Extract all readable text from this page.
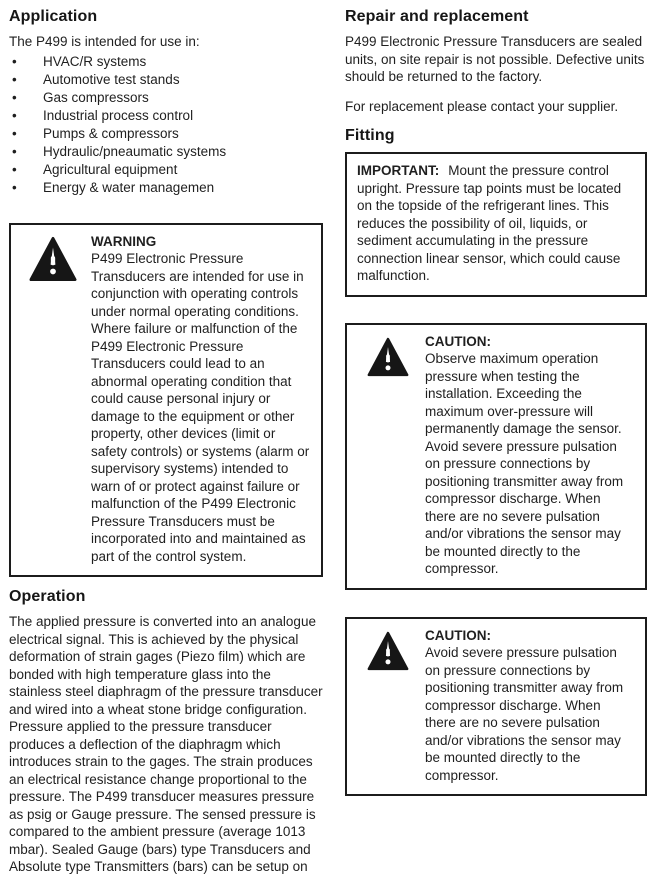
Application

The P499 is intended for use in:

• HVAC/R systems
• Automotive test stands
• Gas compressors
• Industrial process control
• Pumps & compressors
• Hydraulic/pneaumatic systems
• Agricultural equipment
• Energy & water managemen
WARNING
P499 Electronic Pressure Transducers are intended for use in conjunction with operating controls under normal operating conditions.  Where failure or malfunction of the P499 Electronic Pressure Transducers could lead to an abnormal operating condition that could cause personal injury or damage to the equipment or other property, other devices (limit or safety controls) or systems (alarm or supervisory systems) intended to warn of or protect against failure or malfunction of the P499 Electronic Pressure Transducers must be incorporated into and maintained as part of the control system.
Operation

The applied pressure is converted into an analogue electrical signal. This is achieved by the physical deformation of strain gages (Piezo film) which are bonded with high temperature glass into the stainless steel diaphragm of the pressure transducer and wired into a wheat stone bridge configuration. Pressure applied to the pressure transducer produces a deflection of the diaphragm which introduces strain to the gages. The strain produces an electrical resistance change proportional to the pressure. The P499 transducer measures pressure as psig or Gauge pressure. The sensed pressure is compared to the ambient pressure (average 1013 mbar). Sealed Gauge (bars) type Transducers and Absolute type Transmitters (bars) can be setup on

Repair and replacement

P499 Electronic Pressure Transducers are sealed units, on site repair is not possible. Defective units should be returned to the factory.

For replacement please contact your supplier.

Fitting
IMPORTANT: Mount the pressure control upright. Pressure tap points must be located on the topside of the refrigerant lines. This reduces the possibility of oil, liquids, or sediment accumulating in the pressure connection linear sensor, which could cause malfunction.
CAUTION:
Observe maximum operation pressure when testing the installation. Exceeding the maximum over-pressure will permanently damage the sensor. Avoid severe pressure pulsation on pressure connections by positioning transmitter away from compressor discharge. When there are no severe pulsation and/or vibrations the sensor may be mounted directly to the compressor.
CAUTION:
Avoid severe pressure pulsation on pressure connections by positioning transmitter away from compressor discharge. When there are no severe pulsation and/or vibrations the sensor may be mounted directly to the compressor.
